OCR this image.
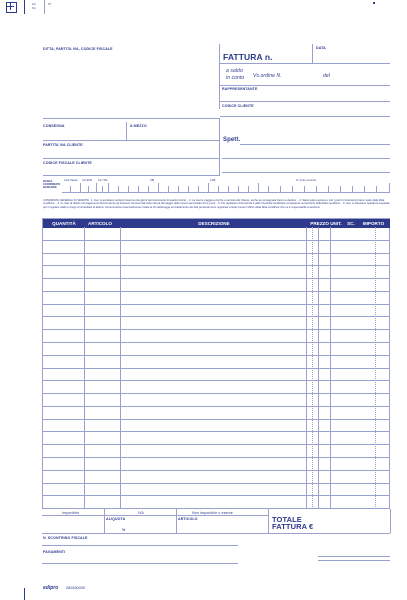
1/2
FG
TF
DITTA, PARTITA IVA, CODICE FISCALE
FATTURA n.
DATA
a saldo
in conto Vs.ordine N.	del
RAPPRESENTANTE
CODICE CLIENTE
CONSEGNA	A MEZZO
PARTITA IVA CLIENTE
CODICE FISCALE CLIENTE
Spett.
BANCA
COORDINATE
BANCARIE
Cod. Paese Cin EUR Cin ITAL	ABI	CAB	N. conto corrente
CONDIZIONI GENERALI DI VENDITA - 1. Ave: si accettano reclami trascorsi otto giorni dal ricevimento di quanto fornito. - 2. La merce viaggia a rischio e pericolo del Cliente, anche se consegnata franco a destino. - 3. Salvo patto espresso, tutti i prezzi s'intendono franco sede della Ditta venditrice. - 4. In caso di ritardo nel pagamento decorreranno gli interessi commerciali nella misura del saggio dello sconto aumentato di tre punti. - 5. Per qualsiasi controversia è adito l'Autorità Giudiziaria competente nel territorio della Ditta venditrice. - 6. Ave: si rilasciano quietanze separate per il regolare saldo e prego di rimandare la fattura. Comunicazioni eventualmente inviate ai fini della legge sul trattamento dei dati personali sono registrate a titolo presso l'ufficio della Ditta venditrice che ne è responsabile a assicura.
QUANTITÀ	ARTICOLO	DESCRIZIONE	PREZZO UNIT.	SC.	IMPORTO
Imponibile	IVA	Non imponibile o esente
ALIQUOTA
%
ARTICOLO	TOTALE
FATTURA €
N. SCONTRINO FISCALE
PAGAMENTI
edipro 282830000
